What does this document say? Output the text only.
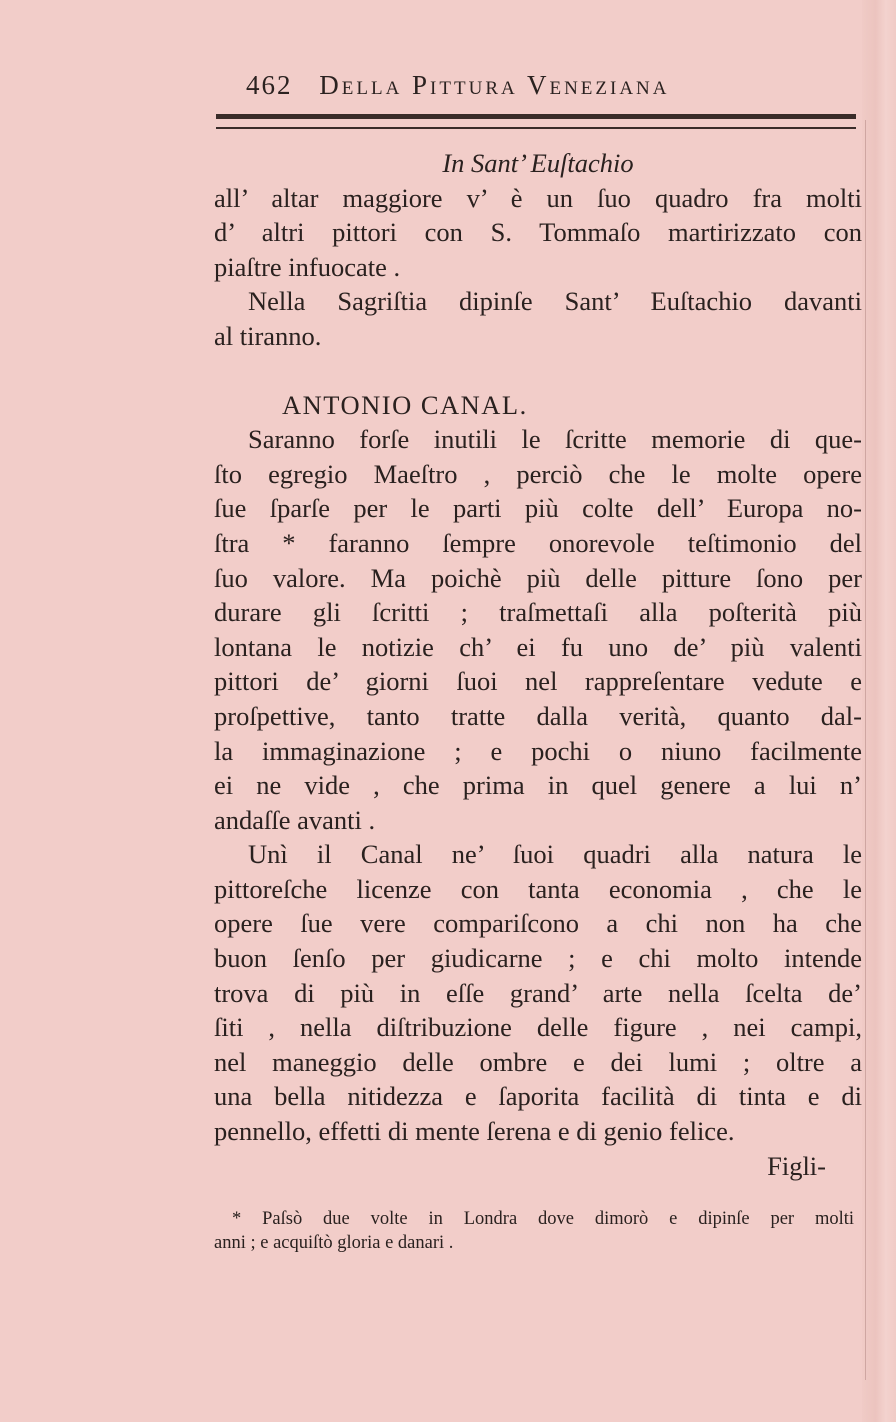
462 Della Pittura Veneziana
In Sant’ Euſtachio
all’ altar maggiore v’ è un ſuo quadro fra molti
d’ altri pittori con S. Tommaſo martirizzato con
piaſtre infuocate .
Nella Sagriſtia dipinſe Sant’ Euſtachio davanti
al tiranno.
ANTONIO CANAL.
Saranno forſe inutili le ſcritte memorie di que-
ſto egregio Maeſtro , perciò che le molte opere
ſue ſparſe per le parti più colte dell’ Europa no-
ſtra * faranno ſempre onorevole teſtimonio del
ſuo valore. Ma poichè più delle pitture ſono per
durare gli ſcritti ; traſmettaſi alla poſterità più
lontana le notizie ch’ ei fu uno de’ più valenti
pittori de’ giorni ſuoi nel rappreſentare vedute e
proſpettive, tanto tratte dalla verità, quanto dal-
la immaginazione ; e pochi o niuno facilmente
ei ne vide , che prima in quel genere a lui n’
andaſſe avanti .
Unì il Canal ne’ ſuoi quadri alla natura le
pittoreſche licenze con tanta economia , che le
opere ſue vere compariſcono a chi non ha che
buon ſenſo per giudicarne ; e chi molto intende
trova di più in eſſe grand’ arte nella ſcelta de’
ſiti , nella diſtribuzione delle figure , nei campi,
nel maneggio delle ombre e dei lumi ; oltre a
una bella nitidezza e ſaporita facilità di tinta e di
pennello, effetti di mente ſerena e di genio felice.
Figli-
* Paſsò due volte in Londra dove dimorò e dipinſe per molti
anni ; e acquiſtò gloria e danari .
